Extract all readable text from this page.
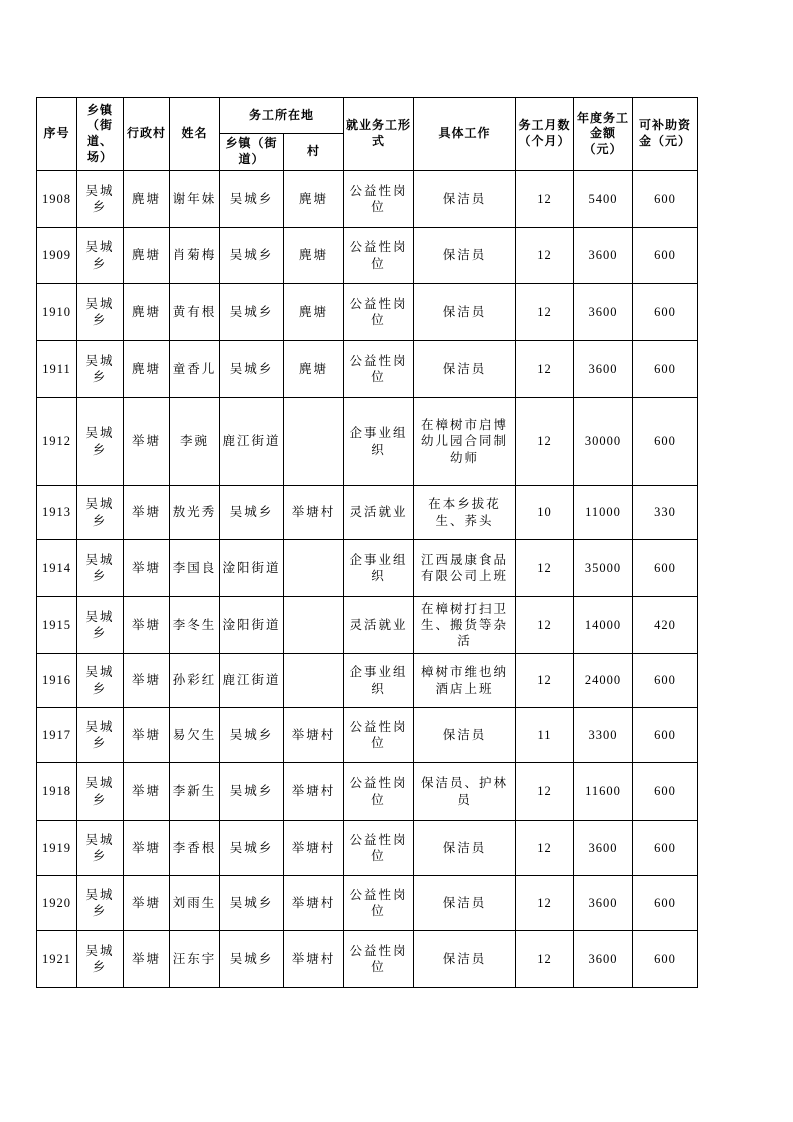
序号	乡镇（街道、场）	行政村	姓名	务工所在地		就业务工形式	具体工作	务工月数（个月）	年度务工金额（元）	可补助资金（元）
				乡镇（街道）	村					
1908	吴城乡	麂塘	谢年妹	吴城乡	麂塘	公益性岗位	保洁员	12	5400	600
1909	吴城乡	麂塘	肖菊梅	吴城乡	麂塘	公益性岗位	保洁员	12	3600	600
1910	吴城乡	麂塘	黄有根	吴城乡	麂塘	公益性岗位	保洁员	12	3600	600
1911	吴城乡	麂塘	童香儿	吴城乡	麂塘	公益性岗位	保洁员	12	3600	600
1912	吴城乡	举塘	李豌	鹿江街道		企事业组织	在樟树市启博幼儿园合同制幼师	12	30000	600
1913	吴城乡	举塘	敖光秀	吴城乡	举塘村	灵活就业	在本乡拔花生、荞头	10	11000	330
1914	吴城乡	举塘	李国良	淦阳街道		企事业组织	江西晟康食品有限公司上班	12	35000	600
1915	吴城乡	举塘	李冬生	淦阳街道		灵活就业	在樟树打扫卫生、搬货等杂活	12	14000	420
1916	吴城乡	举塘	孙彩红	鹿江街道		企事业组织	樟树市维也纳酒店上班	12	24000	600
1917	吴城乡	举塘	易欠生	吴城乡	举塘村	公益性岗位	保洁员	11	3300	600
1918	吴城乡	举塘	李新生	吴城乡	举塘村	公益性岗位	保洁员、护林员	12	11600	600
1919	吴城乡	举塘	李香根	吴城乡	举塘村	公益性岗位	保洁员	12	3600	600
1920	吴城乡	举塘	刘雨生	吴城乡	举塘村	公益性岗位	保洁员	12	3600	600
1921	吴城乡	举塘	汪东宇	吴城乡	举塘村	公益性岗位	保洁员	12	3600	600
